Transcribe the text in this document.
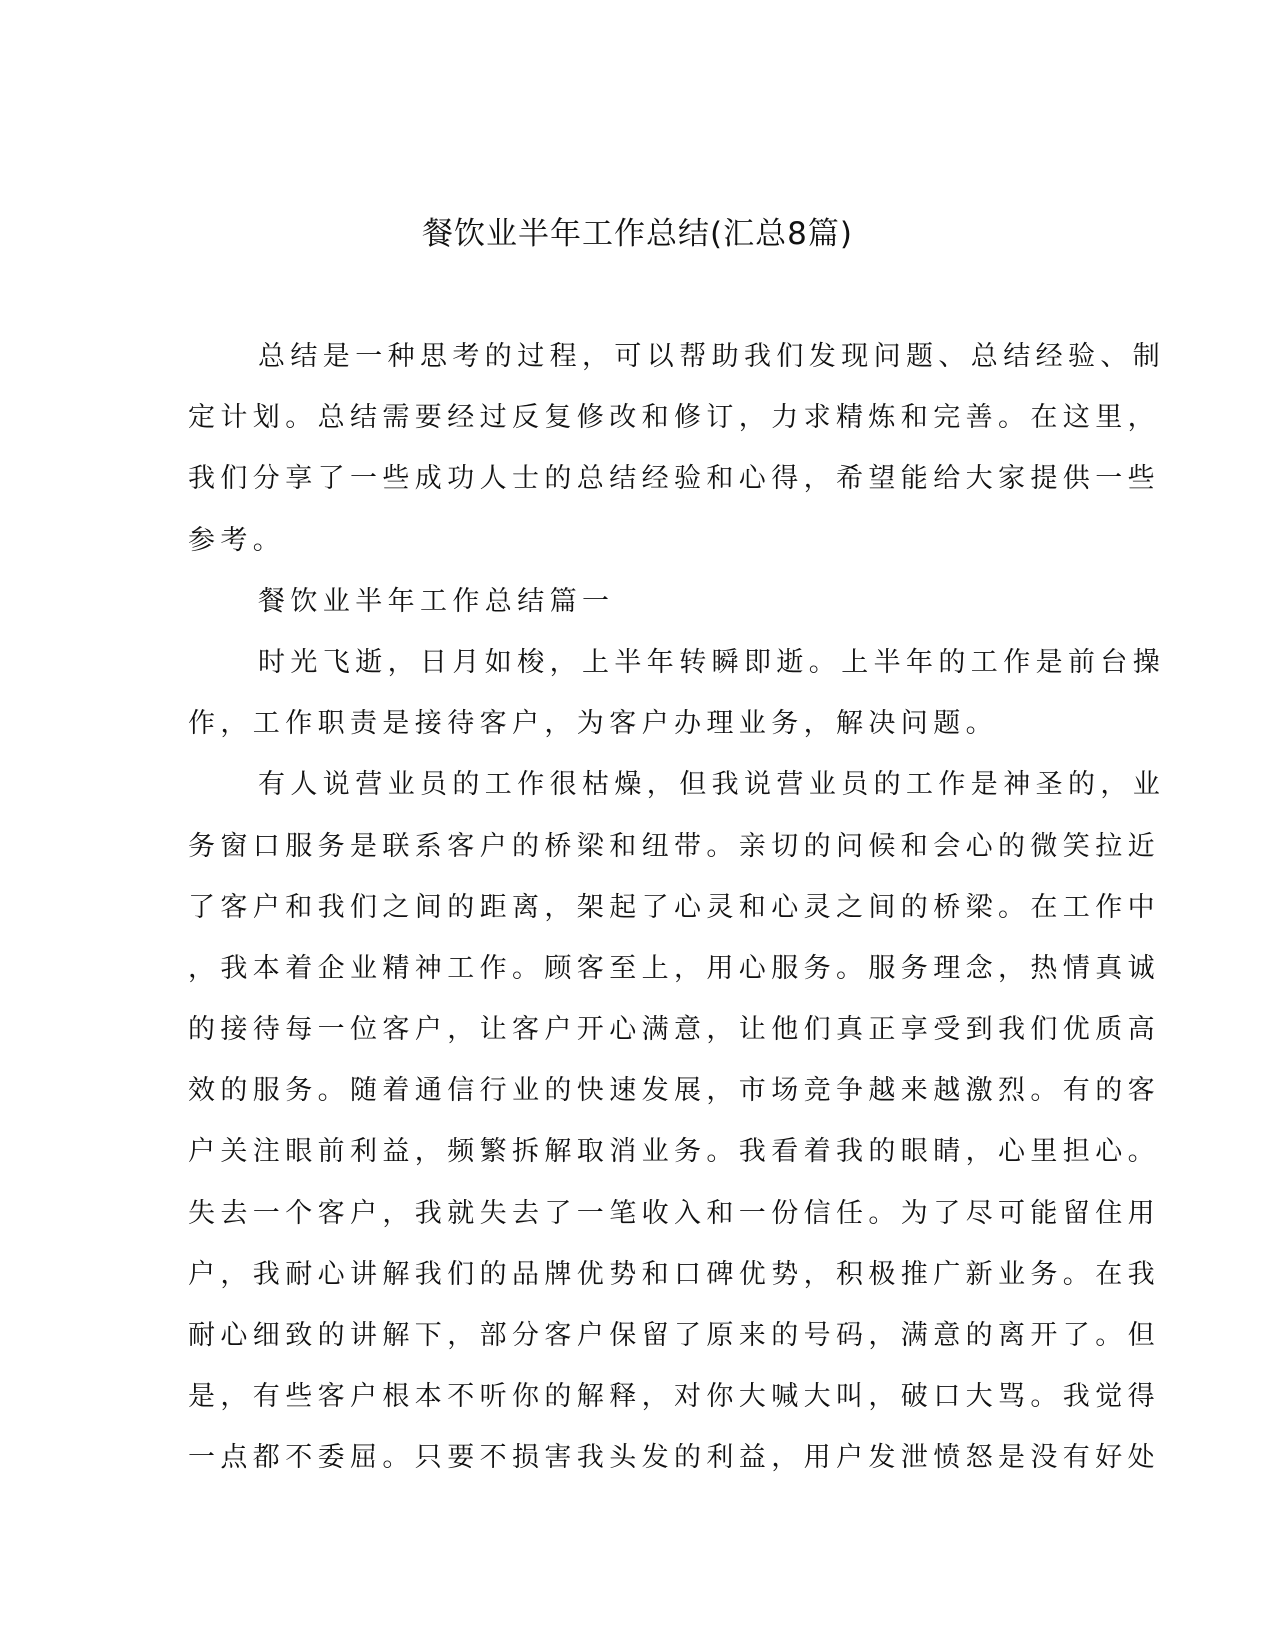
餐饮业半年工作总结(汇总8篇)
总结是一种思考的过程，可以帮助我们发现问题、总结经验、制
定计划。总结需要经过反复修改和修订，力求精炼和完善。在这里，
我们分享了一些成功人士的总结经验和心得，希望能给大家提供一些
参考。
餐饮业半年工作总结篇一
时光飞逝，日月如梭，上半年转瞬即逝。上半年的工作是前台操
作，工作职责是接待客户，为客户办理业务，解决问题。
有人说营业员的工作很枯燥，但我说营业员的工作是神圣的，业
务窗口服务是联系客户的桥梁和纽带。亲切的问候和会心的微笑拉近
了客户和我们之间的距离，架起了心灵和心灵之间的桥梁。在工作中
，我本着企业精神工作。顾客至上，用心服务。服务理念，热情真诚
的接待每一位客户，让客户开心满意，让他们真正享受到我们优质高
效的服务。随着通信行业的快速发展，市场竞争越来越激烈。有的客
户关注眼前利益，频繁拆解取消业务。我看着我的眼睛，心里担心。
失去一个客户，我就失去了一笔收入和一份信任。为了尽可能留住用
户，我耐心讲解我们的品牌优势和口碑优势，积极推广新业务。在我
耐心细致的讲解下，部分客户保留了原来的号码，满意的离开了。但
是，有些客户根本不听你的解释，对你大喊大叫，破口大骂。我觉得
一点都不委屈。只要不损害我头发的利益，用户发泄愤怒是没有好处
